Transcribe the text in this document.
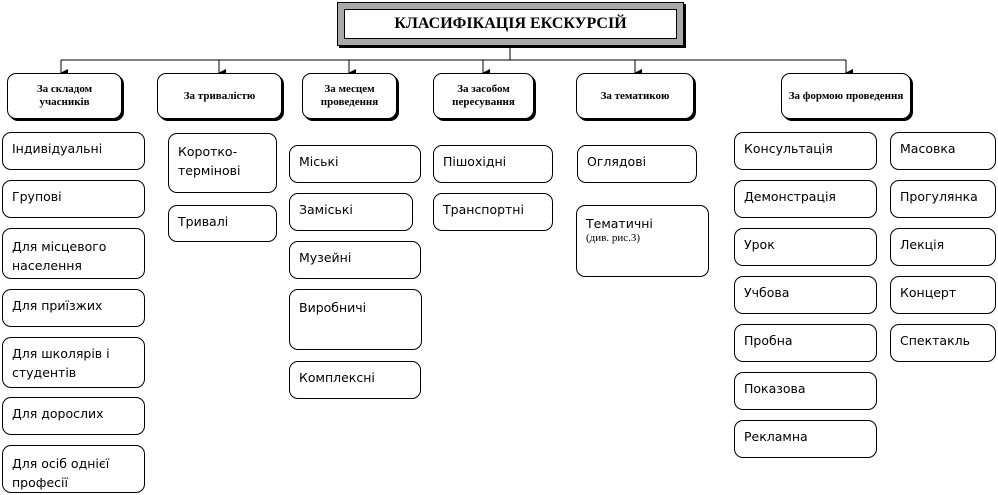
КЛАСИФІКАЦІЯ ЕКСКУРСІЙ
За складом учасників
За тривалістю
За месцем проведення
За засобом пересування
За тематикою	За формою проведення
Індивідуальні
Групові
Для місцевого населення
Для приїзжих
Для школярів і студентів
Для дорослих
Для осіб однієї професії
Коротко-термінові
Тривалі
Міські
Заміські
Музейні
Виробничі
Комплексні
Пішохідні
Транспортні
Оглядові
Тематичні
(див. рис.3)
Консультація
Демонстрація
Урок
Учбова
Пробна
Показова
Рекламна
Масовка
Прогулянка
Лекція
Концерт
Спектакль
